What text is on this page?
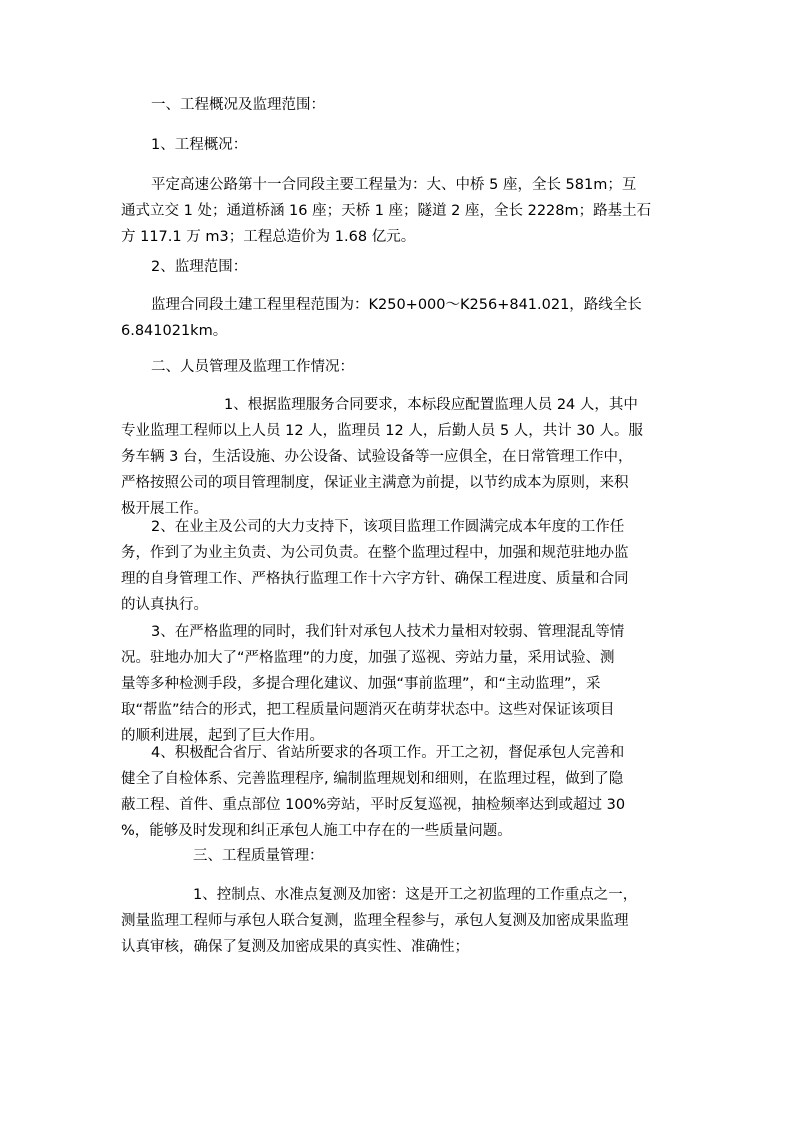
一、工程概况及监理范围：

1、工程概况：

平定高速公路第十一合同段主要工程量为：大、中桥 5 座，全长 581m；互
通式立交 1 处；通道桥涵 16 座；天桥 1 座；隧道 2 座，全长 2228m；路基土石
方 117.1 万 m3；工程总造价为 1.68 亿元。

2、监理范围：

监理合同段土建工程里程范围为：K250+000～K256+841.021，路线全长
6.841021km。

二、人员管理及监理工作情况：

1、根据监理服务合同要求，本标段应配置监理人员 24 人，其中
专业监理工程师以上人员 12 人，监理员 12 人，后勤人员 5 人，共计 30 人。服
务车辆 3 台，生活设施、办公设备、试验设备等一应俱全，在日常管理工作中，
严格按照公司的项目管理制度，保证业主满意为前提，以节约成本为原则，来积
极开展工作。
2、在业主及公司的大力支持下，该项目监理工作圆满完成本年度的工作任
务，作到了为业主负责、为公司负责。在整个监理过程中，加强和规范驻地办监
理的自身管理工作、严格执行监理工作十六字方针、确保工程进度、质量和合同
的认真执行。
3、在严格监理的同时，我们针对承包人技术力量相对较弱、管理混乱等情
况。驻地办加大了“严格监理”的力度，加强了巡视、旁站力量，采用试验、测
量等多种检测手段，多提合理化建议、加强“事前监理”，和“主动监理”，采
取“帮监”结合的形式，把工程质量问题消灭在萌芽状态中。这些对保证该项目
的顺利进展，起到了巨大作用。
4、积极配合省厅、省站所要求的各项工作。开工之初，督促承包人完善和
健全了自检体系、完善监理程序, 编制监理规划和细则，在监理过程，做到了隐
蔽工程、首件、重点部位 100%旁站，平时反复巡视，抽检频率达到或超过 30
%，能够及时发现和纠正承包人施工中存在的一些质量问题。

三、工程质量管理：

1、控制点、水准点复测及加密：这是开工之初监理的工作重点之一，
测量监理工程师与承包人联合复测，监理全程参与，承包人复测及加密成果监理
认真审核，确保了复测及加密成果的真实性、准确性；
